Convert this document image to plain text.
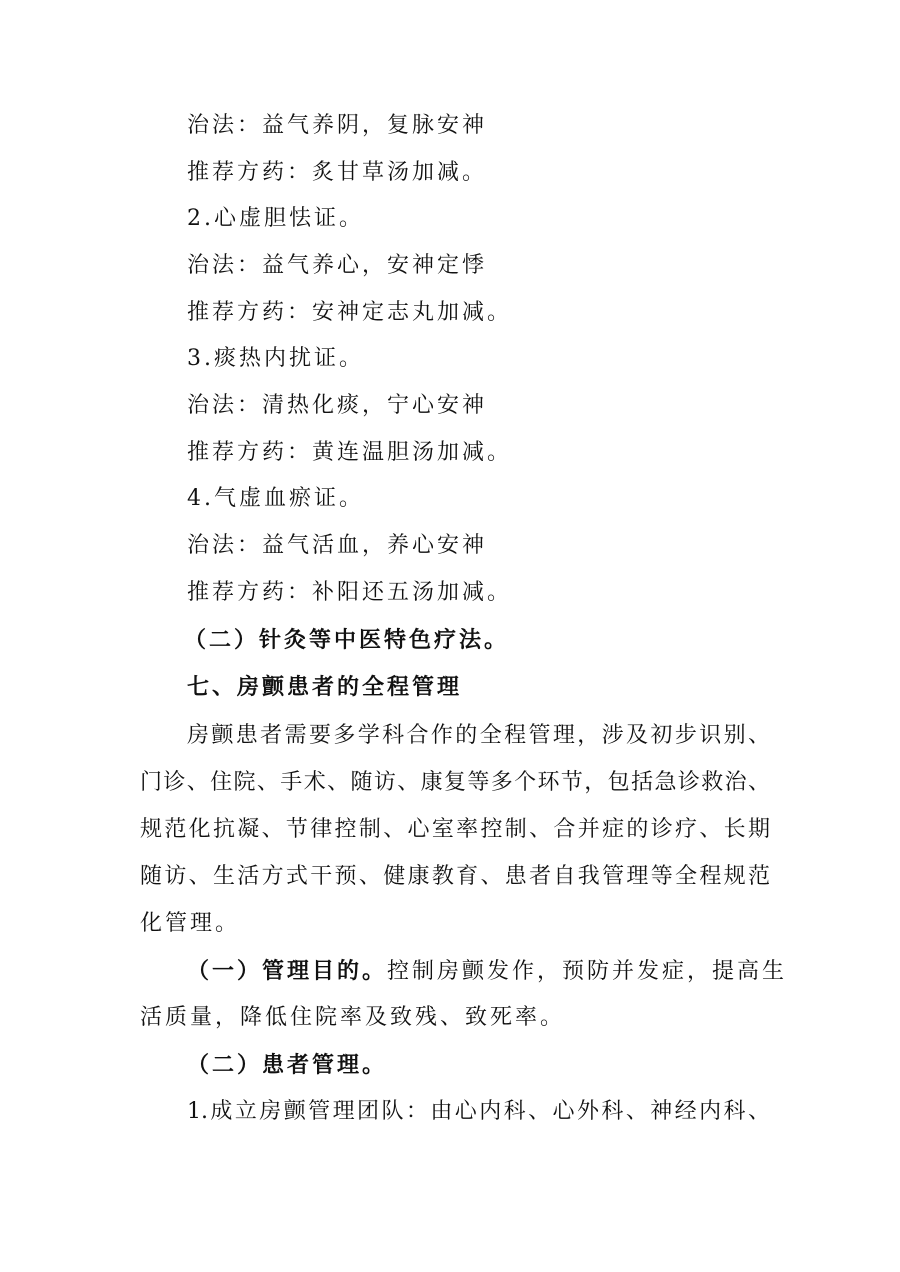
治法：益气养阴，复脉安神
推荐方药：炙甘草汤加减。
2.心虚胆怯证。
治法：益气养心，安神定悸
推荐方药：安神定志丸加减。
3.痰热内扰证。
治法：清热化痰，宁心安神
推荐方药：黄连温胆汤加减。
4.气虚血瘀证。
治法：益气活血，养心安神
推荐方药：补阳还五汤加减。
（二）针灸等中医特色疗法。
七、房颤患者的全程管理
房颤患者需要多学科合作的全程管理，涉及初步识别、
门诊、住院、手术、随访、康复等多个环节，包括急诊救治、
规范化抗凝、节律控制、心室率控制、合并症的诊疗、长期
随访、生活方式干预、健康教育、患者自我管理等全程规范
化管理。
（一）管理目的。控制房颤发作，预防并发症，提高生
活质量，降低住院率及致残、致死率。
（二）患者管理。
1.成立房颤管理团队：由心内科、心外科、神经内科、
